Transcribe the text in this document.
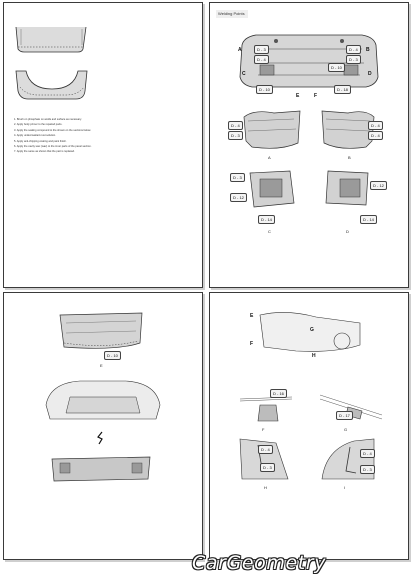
1. Brush on phosphate on welds and surface as necessary.
2. Apply body primer to the repaired parts.
3. Apply the sealing compound to the shown on the sections below.
4. Apply undercoat/anti-rust solution.
5. Apply anti-chipping coating and paint finish.
6. Apply the cavity wax (wax) to the inner parts of the panel section.
7. Apply the same as shown that the part is replaced.
Welding Points
D - 3
D - 4
D - 4
D - 3
D - 10
D - 10
D - 18
A	B
C	D
E	F
D - 4
D - 3
A
D - 4
D - 4
B
D - 3
D - 12
D - 14
C
D - 12
D - 14
D
D - 10
E
E
F
G
H
D - 16
F
D - 17
G
D - 4
D - 3
H
D - 4
D - 3
I
CarGeometry
